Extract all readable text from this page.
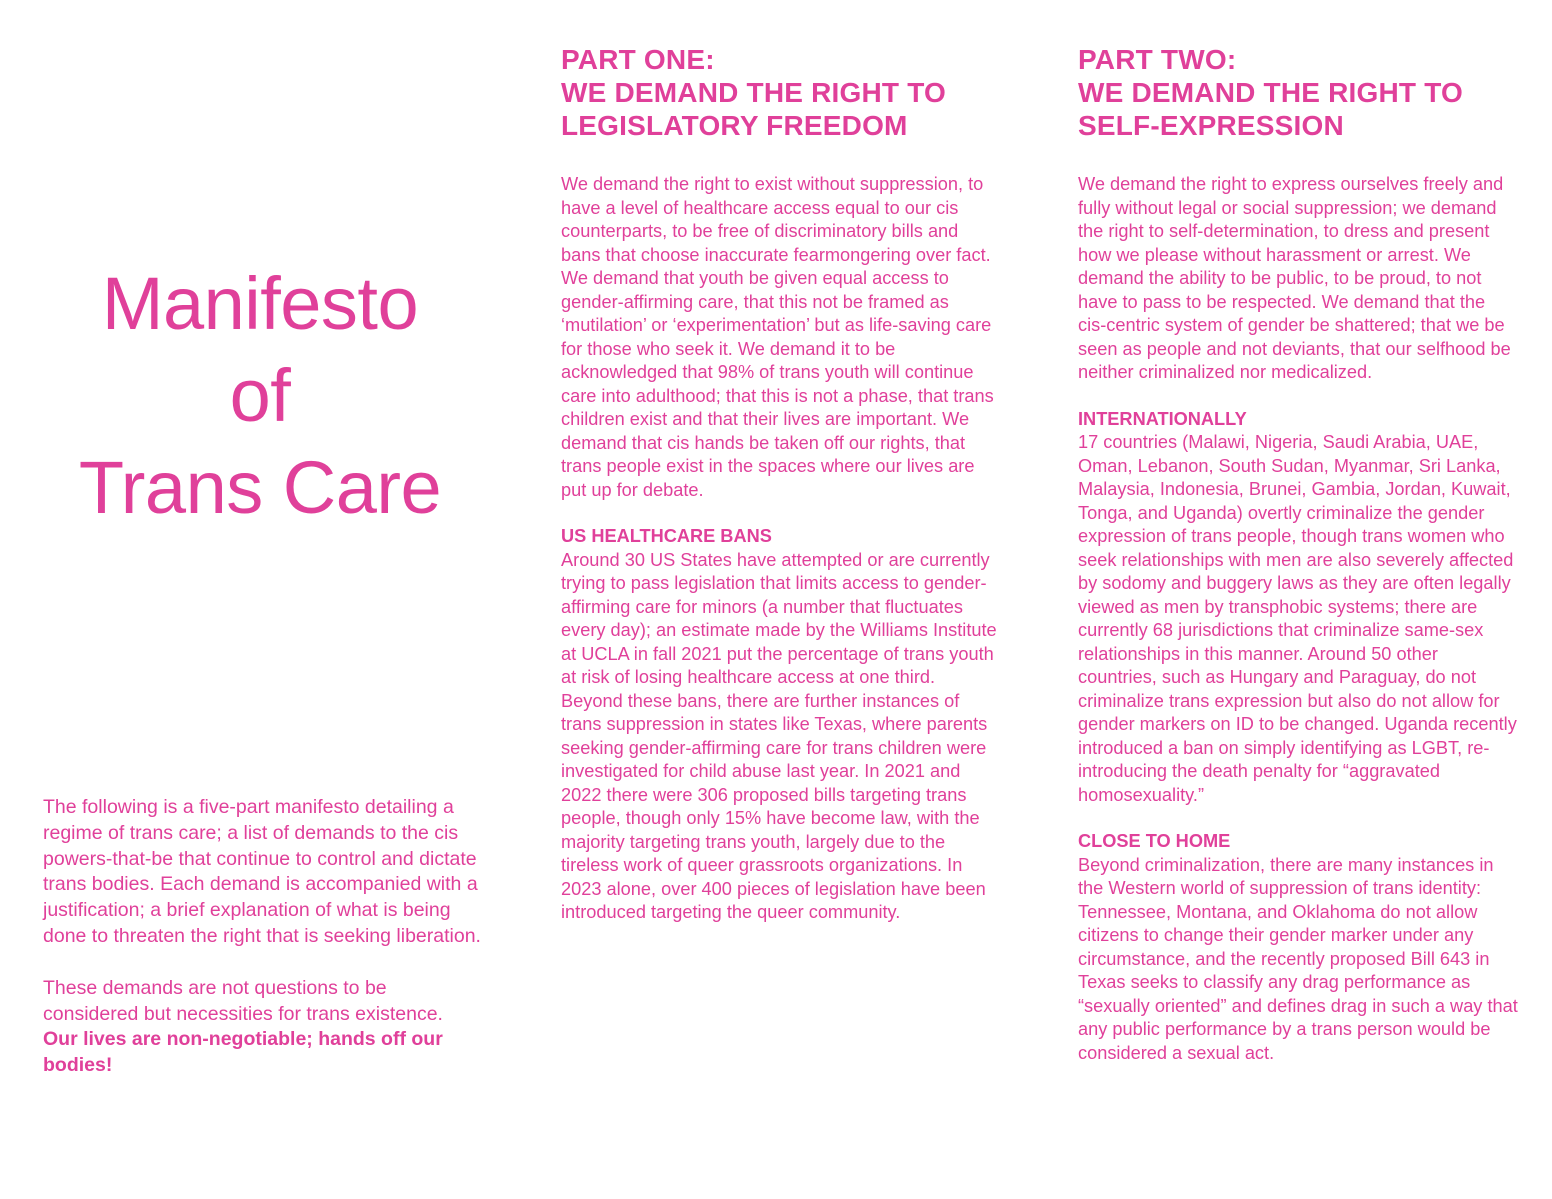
Manifesto
of
Trans Care

The following is a five-part manifesto detailing a regime of trans care; a list of demands to the cis powers-that-be that continue to control and dictate trans bodies. Each demand is accompanied with a justification; a brief explanation of what is being done to threaten the right that is seeking liberation.

These demands are not questions to be considered but necessities for trans existence. Our lives are non-negotiable; hands off our bodies!

PART ONE:
WE DEMAND THE RIGHT TO
LEGISLATORY FREEDOM

We demand the right to exist without suppression, to have a level of healthcare access equal to our cis counterparts, to be free of discriminatory bills and bans that choose inaccurate fearmongering over fact. We demand that youth be given equal access to gender-affirming care, that this not be framed as ‘mutilation’ or ‘experimentation’ but as life-saving care for those who seek it. We demand it to be acknowledged that 98% of trans youth will continue care into adulthood; that this is not a phase, that trans children exist and that their lives are important. We demand that cis hands be taken off our rights, that trans people exist in the spaces where our lives are put up for debate.

US HEALTHCARE BANS

Around 30 US States have attempted or are currently trying to pass legislation that limits access to gender-affirming care for minors (a number that fluctuates every day); an estimate made by the Williams Institute at UCLA in fall 2021 put the percentage of trans youth at risk of losing healthcare access at one third. Beyond these bans, there are further instances of trans suppression in states like Texas, where parents seeking gender-affirming care for trans children were investigated for child abuse last year. In 2021 and 2022 there were 306 proposed bills targeting trans people, though only 15% have become law, with the majority targeting trans youth, largely due to the tireless work of queer grassroots organizations. In 2023 alone, over 400 pieces of legislation have been introduced targeting the queer community.

PART TWO:
WE DEMAND THE RIGHT TO
SELF-EXPRESSION

We demand the right to express ourselves freely and fully without legal or social suppression; we demand the right to self-determination, to dress and present how we please without harassment or arrest. We demand the ability to be public, to be proud, to not have to pass to be respected. We demand that the cis-centric system of gender be shattered; that we be seen as people and not deviants, that our selfhood be neither criminalized nor medicalized.

INTERNATIONALLY

17 countries (Malawi, Nigeria, Saudi Arabia, UAE, Oman, Lebanon, South Sudan, Myanmar, Sri Lanka, Malaysia, Indonesia, Brunei, Gambia, Jordan, Kuwait, Tonga, and Uganda) overtly criminalize the gender expression of trans people, though trans women who seek relationships with men are also severely affected by sodomy and buggery laws as they are often legally viewed as men by transphobic systems; there are currently 68 jurisdictions that criminalize same-sex relationships in this manner. Around 50 other countries, such as Hungary and Paraguay, do not criminalize trans expression but also do not allow for gender markers on ID to be changed. Uganda recently introduced a ban on simply identifying as LGBT, re-introducing the death penalty for “aggravated homosexuality.”

CLOSE TO HOME

Beyond criminalization, there are many instances in the Western world of suppression of trans identity: Tennessee, Montana, and Oklahoma do not allow citizens to change their gender marker under any circumstance, and the recently proposed Bill 643 in Texas seeks to classify any drag performance as “sexually oriented” and defines drag in such a way that any public performance by a trans person would be considered a sexual act.
